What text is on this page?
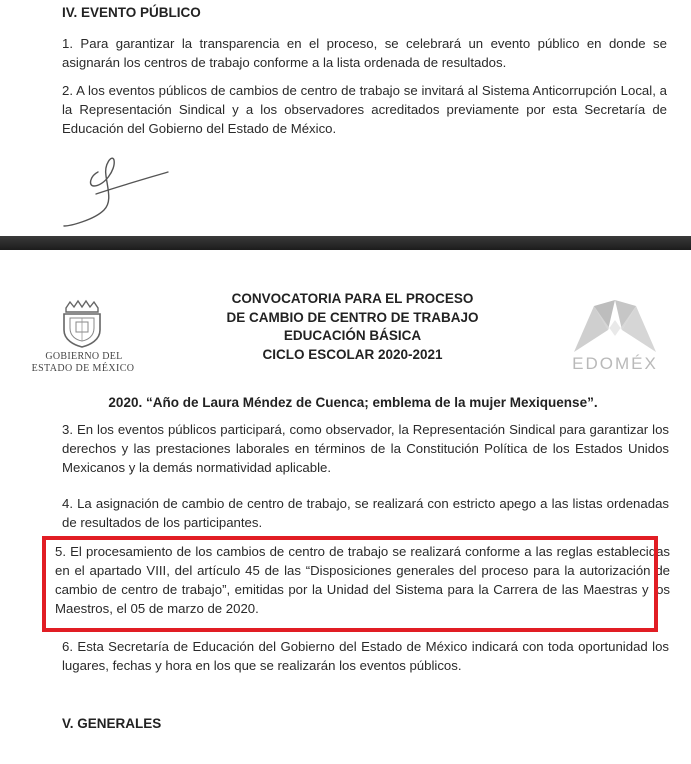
IV. EVENTO PÚBLICO
1. Para garantizar la transparencia en el proceso, se celebrará un evento público en donde se asignarán los centros de trabajo conforme a la lista ordenada de resultados.
2. A los eventos públicos de cambios de centro de trabajo se invitará al Sistema Anticorrupción Local, a la Representación Sindical y a los observadores acreditados previamente por esta Secretaría de Educación del Gobierno del Estado de México.
GOBIERNO DEL
ESTADO DE MÉXICO
CONVOCATORIA PARA EL PROCESO
DE CAMBIO DE CENTRO DE TRABAJO
EDUCACIÓN BÁSICA
CICLO ESCOLAR 2020-2021	EDOMÉX
2020. “Año de Laura Méndez de Cuenca; emblema de la mujer Mexiquense”.
3. En los eventos públicos participará, como observador, la Representación Sindical para garantizar los derechos y las prestaciones laborales en términos de la Constitución Política de los Estados Unidos Mexicanos y la demás normatividad aplicable.
4. La asignación de cambio de centro de trabajo, se realizará con estricto apego a las listas ordenadas de resultados de los participantes.
5. El procesamiento de los cambios de centro de trabajo se realizará conforme a las reglas establecidas en el apartado VIII, del artículo 45 de las “Disposiciones generales del proceso para la autorización de cambio de centro de trabajo”, emitidas por la Unidad del Sistema para la Carrera de las Maestras y los Maestros, el 05 de marzo de 2020.
6. Esta Secretaría de Educación del Gobierno del Estado de México indicará con toda oportunidad los lugares, fechas y hora en los que se realizarán los eventos públicos.
V. GENERALES
